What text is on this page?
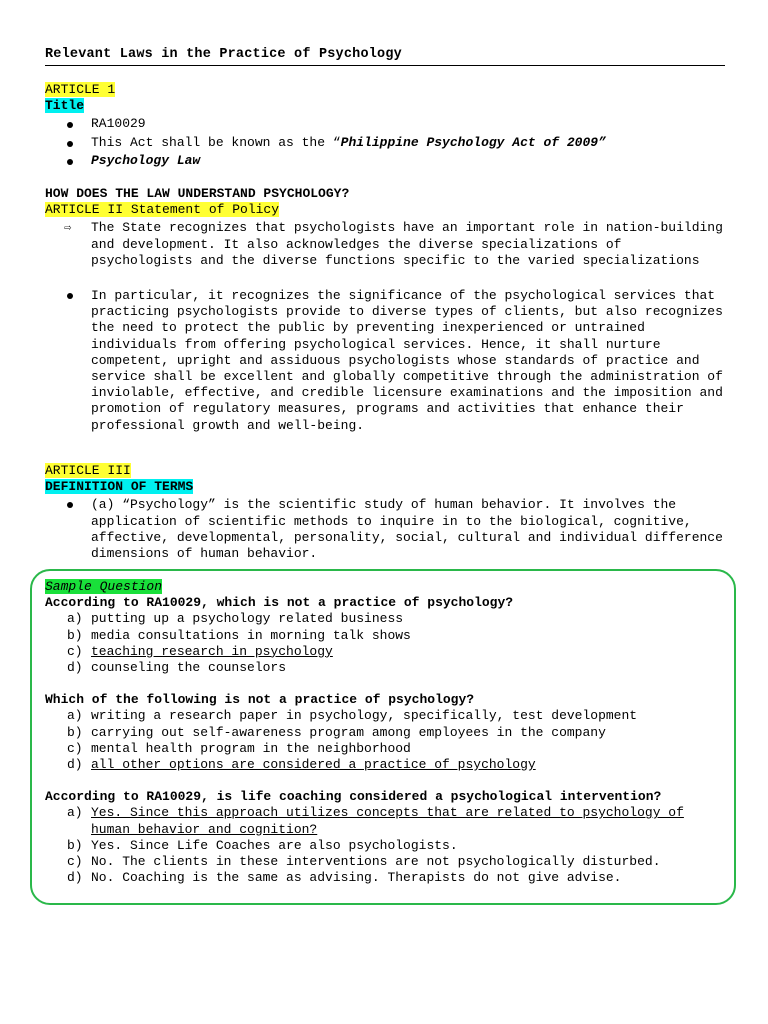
Relevant Laws in the Practice of Psychology
ARTICLE 1
Title
RA10029
This Act shall be known as the “Philippine Psychology Act of 2009”
Psychology Law
HOW DOES THE LAW UNDERSTAND PSYCHOLOGY?
ARTICLE II Statement of Policy
⇨ The State recognizes that psychologists have an important role in nation-building and development. It also acknowledges the diverse specializations of psychologists and the diverse functions specific to the varied specializations
In particular, it recognizes the significance of the psychological services that practicing psychologists provide to diverse types of clients, but also recognizes the need to protect the public by preventing inexperienced or untrained individuals from offering psychological services. Hence, it shall nurture competent, upright and assiduous psychologists whose standards of practice and service shall be excellent and globally competitive through the administration of inviolable, effective, and credible licensure examinations and the imposition and promotion of regulatory measures, programs and activities that enhance their professional growth and well-being.
ARTICLE III
DEFINITION OF TERMS
(a) “Psychology” is the scientific study of human behavior. It involves the application of scientific methods to inquire in to the biological, cognitive, affective, developmental, personality, social, cultural and individual difference dimensions of human behavior.
Sample Question
According to RA10029, which is not a practice of psychology?
a) putting up a psychology related business
b) media consultations in morning talk shows
c) teaching research in psychology
d) counseling the counselors
Which of the following is not a practice of psychology?
a) writing a research paper in psychology, specifically, test development
b) carrying out self-awareness program among employees in the company
c) mental health program in the neighborhood
d) all other options are considered a practice of psychology
According to RA10029, is life coaching considered a psychological intervention?
a) Yes. Since this approach utilizes concepts that are related to psychology of human behavior and cognition?
b) Yes. Since Life Coaches are also psychologists.
c) No. The clients in these interventions are not psychologically disturbed.
d) No. Coaching is the same as advising. Therapists do not give advise.
